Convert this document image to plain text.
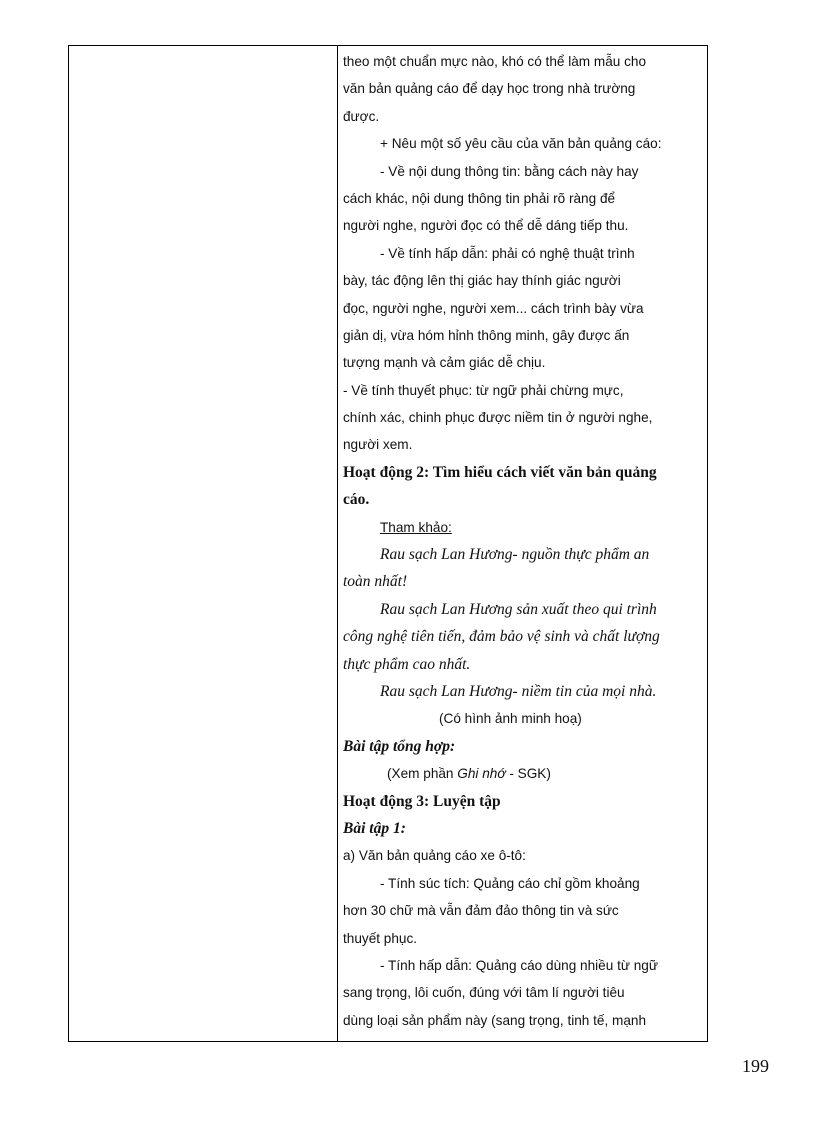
theo một chuẩn mực nào, khó có thể làm mẫu cho
văn bản quảng cáo để dạy học trong nhà trường
được.
+ Nêu một số yêu cầu của văn bản quảng cáo:
- Về nội dung thông tin: bằng cách này hay
cách khác, nội dung thông tin phải rõ ràng để
người nghe, người đọc có thể dễ dáng tiếp thu.
- Về tính hấp dẫn: phải có nghệ thuật trình
bày, tác động lên thị giác hay thính giác người
đọc, người nghe, người xem... cách trình bày vừa
giản dị, vừa hóm hỉnh thông minh, gây được ấn
tượng mạnh và cảm giác dễ chịu.
- Về tính thuyết phục: từ ngữ phải chừng mực,
chính xác, chinh phục được niềm tin ở người nghe,
người xem.
Hoạt động 2: Tìm hiểu cách viết văn bản quảng
cáo.
Tham khảo:
Rau sạch Lan Hương- nguồn thực phẩm an
toàn nhất!
Rau sạch Lan Hương sản xuất theo qui trình
công nghệ tiên tiến, đảm bảo vệ sinh và chất lượng
thực phẩm cao nhất.
Rau sạch Lan Hương- niềm tin của mọi nhà.
(Có hình ảnh minh hoạ)
Bài tập tổng hợp:
(Xem phần Ghi nhớ - SGK)
Hoạt động 3: Luyện tập
Bài tập 1:
a) Văn bản quảng cáo xe ô-tô:
- Tính súc tích: Quảng cáo chỉ gồm khoảng
hơn 30 chữ mà vẫn đảm đảo thông tin và sức
thuyết phục.
- Tính hấp dẫn: Quảng cáo dùng nhiều từ ngữ
sang trọng, lôi cuốn, đúng với tâm lí người tiêu
dùng loại sản phẩm này (sang trọng, tinh tế, mạnh
199
